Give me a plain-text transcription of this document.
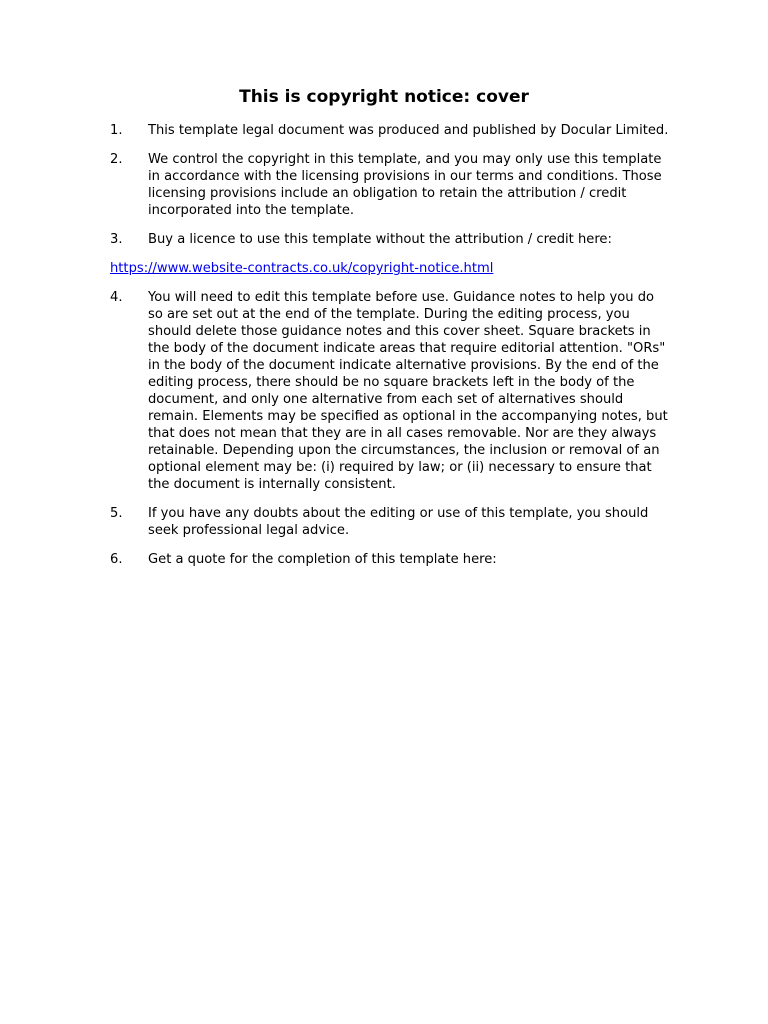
This is copyright notice: cover
1.	This template legal document was produced and published by Docular Limited.
2.	We control the copyright in this template, and you may only use this template in accordance with the licensing provisions in our terms and conditions. Those licensing provisions include an obligation to retain the attribution / credit incorporated into the template.
3.	Buy a licence to use this template without the attribution / credit here:
https://www.website-contracts.co.uk/copyright-notice.html
4.	You will need to edit this template before use. Guidance notes to help you do so are set out at the end of the template. During the editing process, you should delete those guidance notes and this cover sheet. Square brackets in the body of the document indicate areas that require editorial attention. "ORs" in the body of the document indicate alternative provisions. By the end of the editing process, there should be no square brackets left in the body of the document, and only one alternative from each set of alternatives should remain. Elements may be specified as optional in the accompanying notes, but that does not mean that they are in all cases removable. Nor are they always retainable. Depending upon the circumstances, the inclusion or removal of an optional element may be: (i) required by law; or (ii) necessary to ensure that the document is internally consistent.
5.	If you have any doubts about the editing or use of this template, you should seek professional legal advice.
6.	Get a quote for the completion of this template here:
